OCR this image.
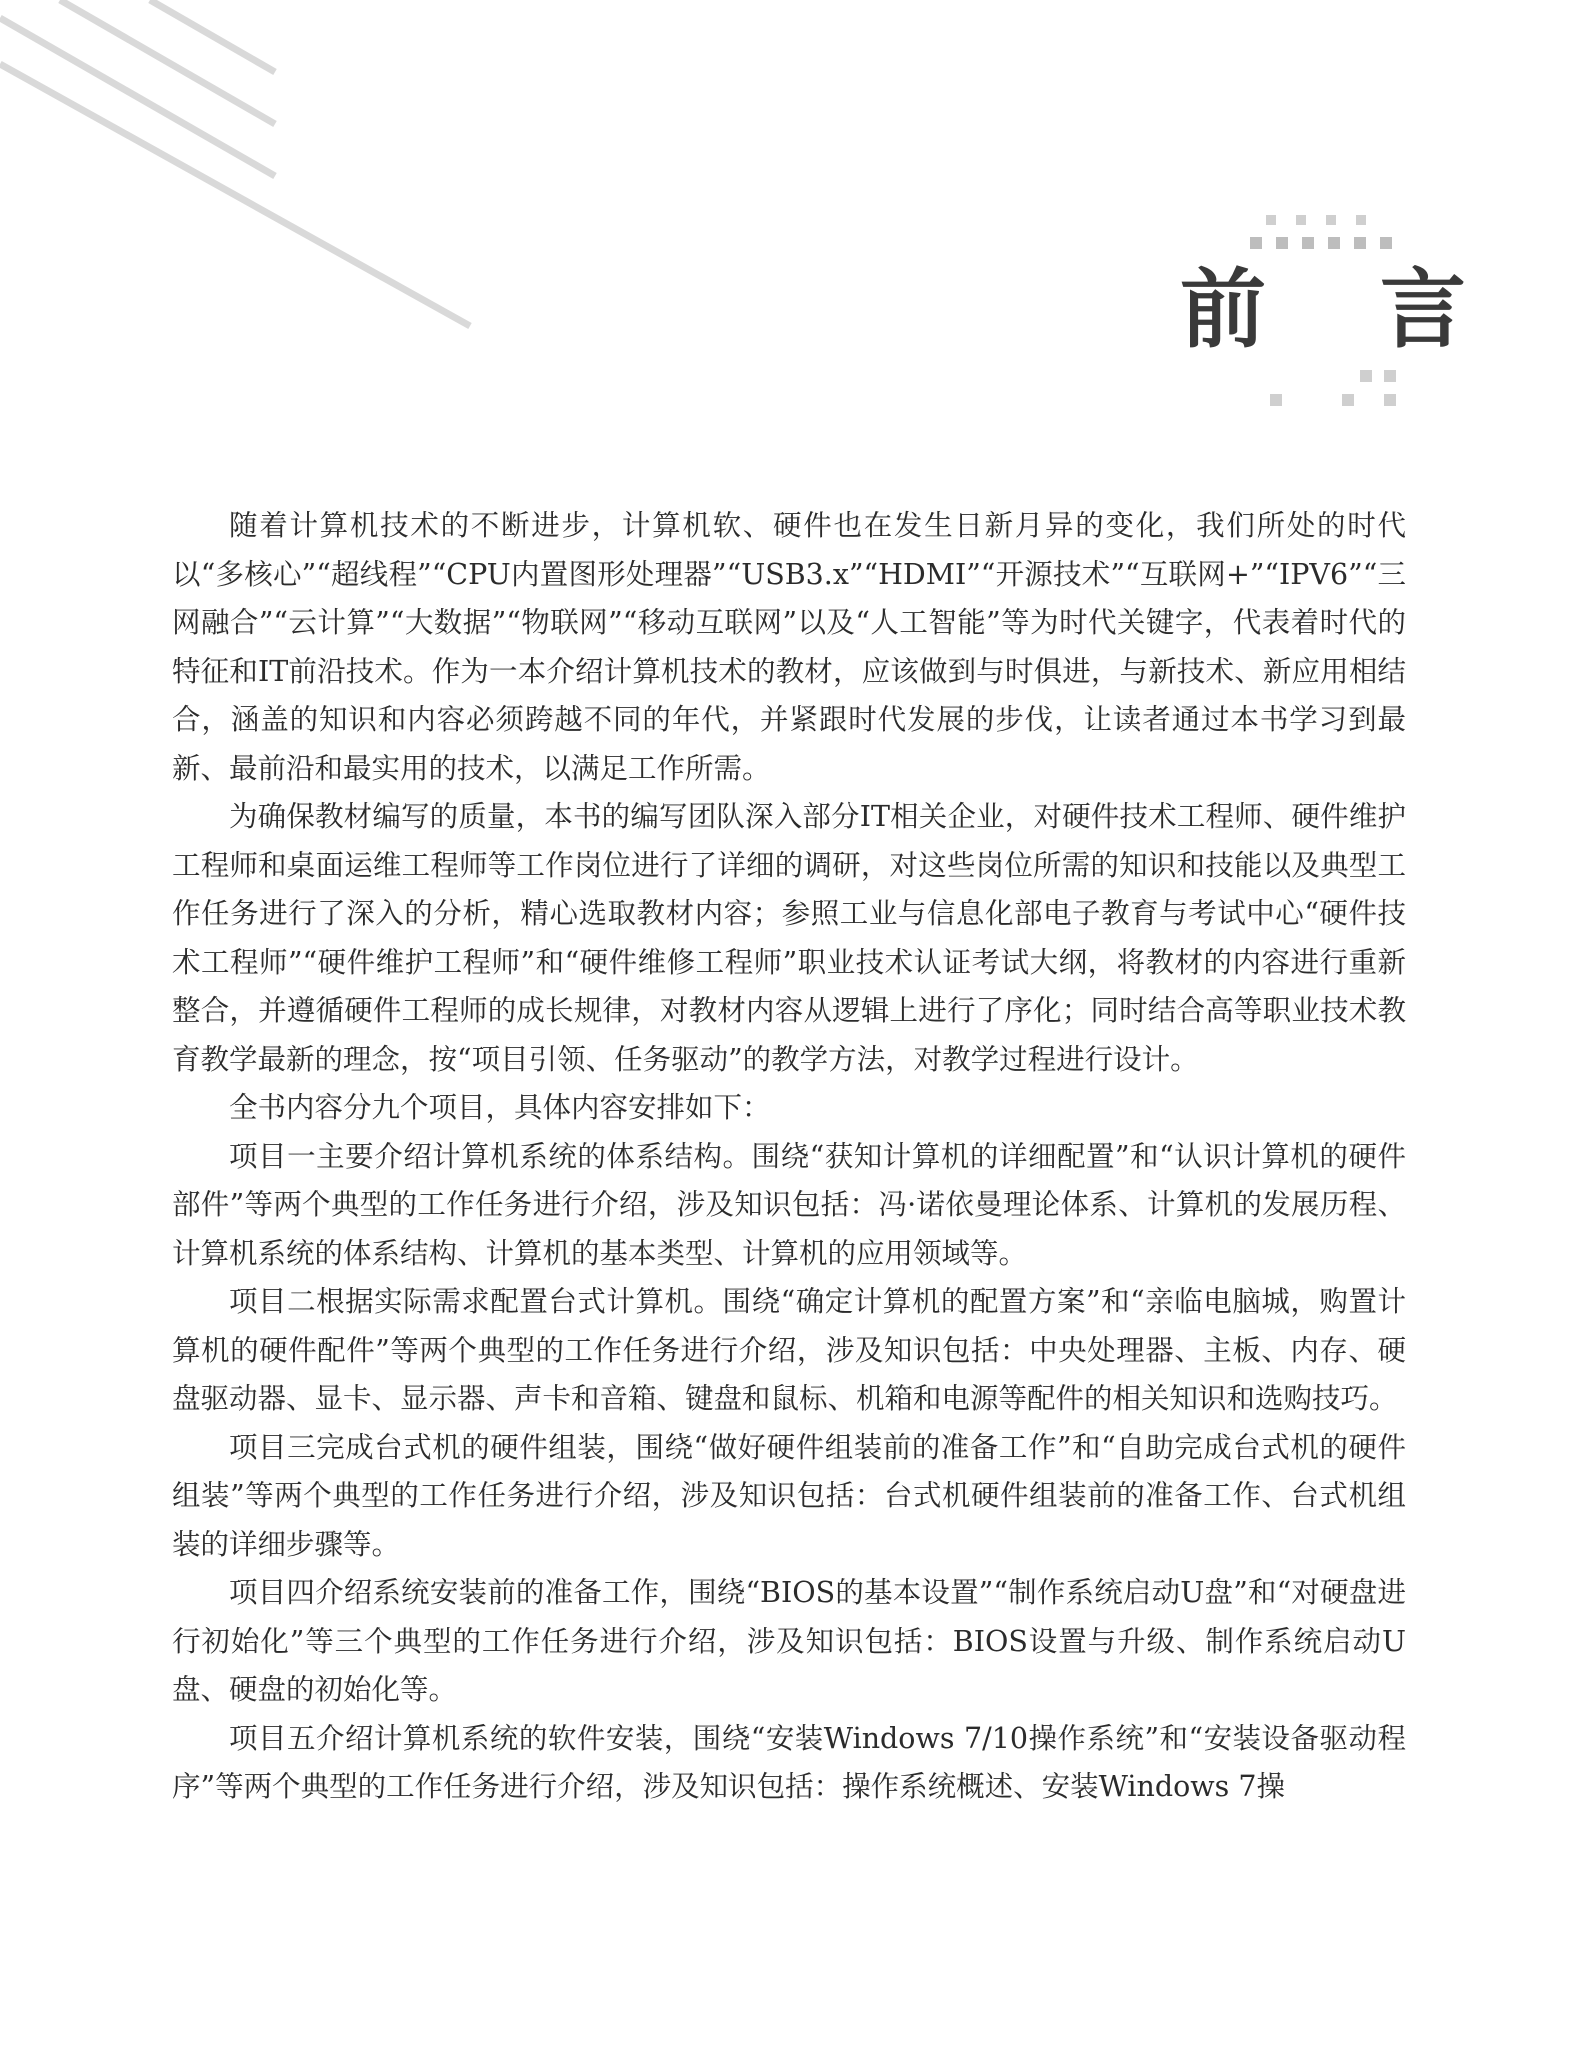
前 言

随着计算机技术的不断进步，计算机软、硬件也在发生日新月异的变化，我们所处的时代以“多核心”“超线程”“CPU内置图形处理器”“USB3.x”“HDMI”“开源技术”“互联网+”“IPV6”“三网融合”“云计算”“大数据”“物联网”“移动互联网”以及“人工智能”等为时代关键字，代表着时代的特征和IT前沿技术。作为一本介绍计算机技术的教材，应该做到与时俱进，与新技术、新应用相结合，涵盖的知识和内容必须跨越不同的年代，并紧跟时代发展的步伐，让读者通过本书学习到最新、最前沿和最实用的技术，以满足工作所需。

为确保教材编写的质量，本书的编写团队深入部分IT相关企业，对硬件技术工程师、硬件维护工程师和桌面运维工程师等工作岗位进行了详细的调研，对这些岗位所需的知识和技能以及典型工作任务进行了深入的分析，精心选取教材内容；参照工业与信息化部电子教育与考试中心“硬件技术工程师”“硬件维护工程师”和“硬件维修工程师”职业技术认证考试大纲，将教材的内容进行重新整合，并遵循硬件工程师的成长规律，对教材内容从逻辑上进行了序化；同时结合高等职业技术教育教学最新的理念，按“项目引领、任务驱动”的教学方法，对教学过程进行设计。

全书内容分九个项目，具体内容安排如下：

项目一主要介绍计算机系统的体系结构。围绕“获知计算机的详细配置”和“认识计算机的硬件部件”等两个典型的工作任务进行介绍，涉及知识包括：冯·诺依曼理论体系、计算机的发展历程、计算机系统的体系结构、计算机的基本类型、计算机的应用领域等。

项目二根据实际需求配置台式计算机。围绕“确定计算机的配置方案”和“亲临电脑城，购置计算机的硬件配件”等两个典型的工作任务进行介绍，涉及知识包括：中央处理器、主板、内存、硬盘驱动器、显卡、显示器、声卡和音箱、键盘和鼠标、机箱和电源等配件的相关知识和选购技巧。

项目三完成台式机的硬件组装，围绕“做好硬件组装前的准备工作”和“自助完成台式机的硬件组装”等两个典型的工作任务进行介绍，涉及知识包括：台式机硬件组装前的准备工作、台式机组装的详细步骤等。

项目四介绍系统安装前的准备工作，围绕“BIOS的基本设置”“制作系统启动U盘”和“对硬盘进行初始化”等三个典型的工作任务进行介绍，涉及知识包括：BIOS设置与升级、制作系统启动U盘、硬盘的初始化等。

项目五介绍计算机系统的软件安装，围绕“安装Windows 7/10操作系统”和“安装设备驱动程序”等两个典型的工作任务进行介绍，涉及知识包括：操作系统概述、安装Windows 7操
